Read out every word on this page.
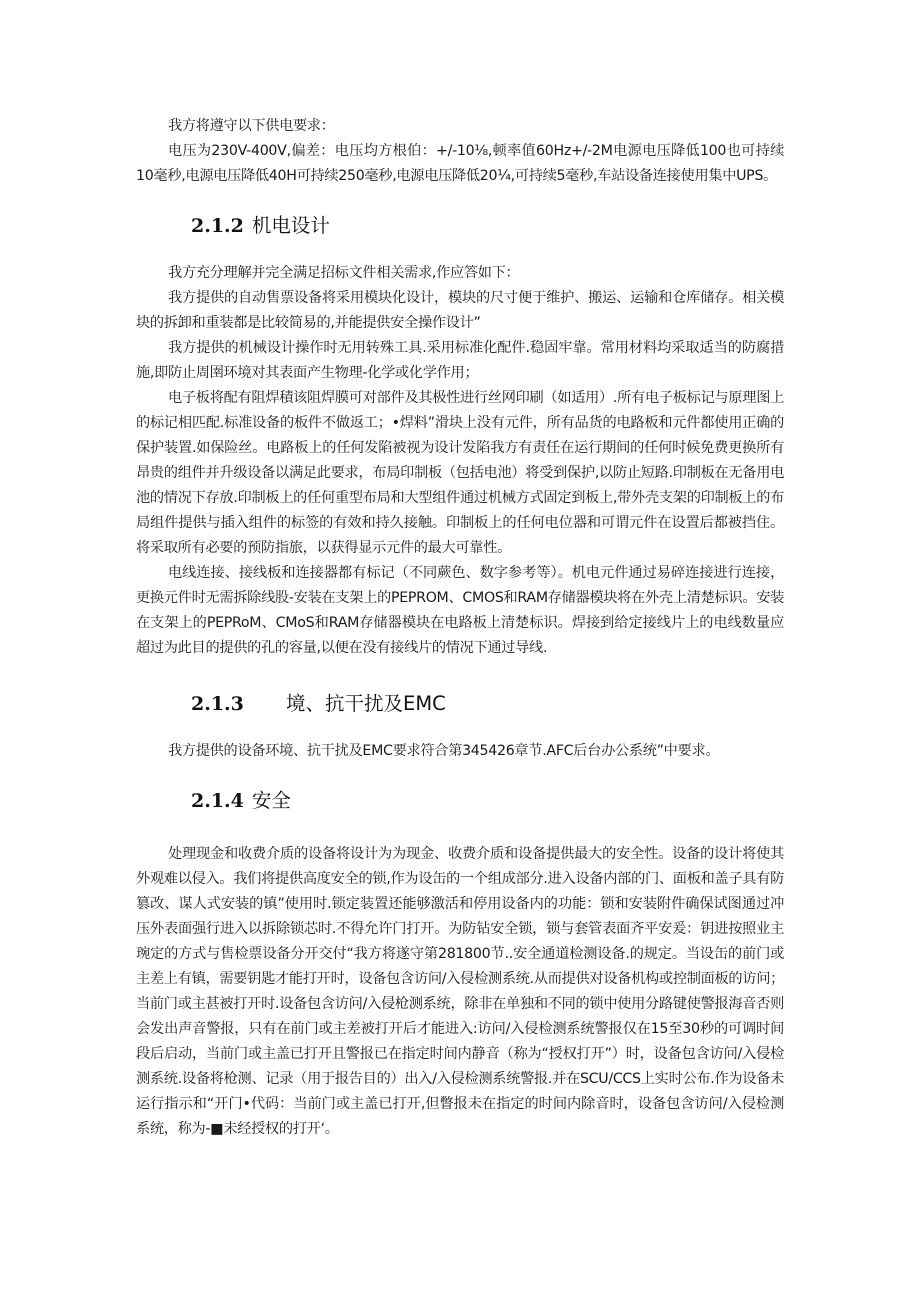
我方将遵守以下供电要求：

电压为230V-400V,偏差：电压均方根伯：+/-10⅛,顿率值60Hz+/-2M电源电压降低100也可持续10毫秒,电源电压降低40H可持续250毫秒,电源电压降低20¼,可持续5毫秒,车站设备连接使用集中UPS。

2.1.2 机电设计

我方充分理解并完全满足招标文件相关需求,作应答如下：

我方提供的自动售票设备将采用模块化设计，模块的尺寸便于维护、搬运、运输和仓库储存。相关模块的拆卸和重装都是比较简易的,并能提供安全操作设计”

我方提供的机械设计操作时无用转殊工具.采用标准化配件.稳固牢靠。常用材料均采取适当的防腐措施,即防止周圉环境对其表面产生物理-化学或化学作用；

电子板将配有阻焊積该阻焊膜可对部件及其极性进行丝网印刷（如适用）.所有电子板标记与原理图上的标记相匹配.标准设备的板件不做返工；•焊料”滑块上没有元件，所有品货的电路板和元件都使用正确的保护装置.如保险丝。电路板上的任何发陷被视为设计发陷我方有责任在运行期间的任何时候免费更换所有昂贵的组件并升级设备以满足此要求，布局印制板（包括电池）将受到保护,以防止短路.印制板在无备用电池的情况下存放.印制板上的任何重型布局和大型组件通过机械方式固定到板上,带外壳支架的印制板上的布局组件提供与插入组件的标签的有效和持久接触。印制板上的任何电位器和可谓元件在设置后都被挡住。将采取所有必要的预防指旅，以获得显示元件的最大可靠性。

电线连接、接线板和连接器都有标记（不同蕨色、数字参考等）。机电元件通过易碎连接进行连接，更换元件时无需拆除线股-安装在支架上的PEPROM、CMOS和RAM存储器模块将在外壳上清楚标识。安装在支架上的PEPRoM、CMoS和RAM存储器模块在电路板上清楚标识。焊接到给定接线片上的电线数量应超过为此目的提供的孔的容量,以便在没有接线片的情况下通过导线.

2.1.3 境、抗干扰及EMC

我方提供的设备环境、抗干扰及EMC要求符合第345426章节.AFC后台办公系统”中要求。

2.1.4 安全

处理现金和收费介质的设备将设计为为现金、收费介质和设备提供最大的安全性。设备的设计将使其外观难以侵入。我们将提供高度安全的锁,作为设缶的一个组成部分.进入设备内部的门、面板和盖子具有防篡改、谋人式安装的镇”使用时.锁定装置还能够激活和停用设备内的功能：锁和安装附件确保试图通过冲压外表面强行进入以拆除锁芯时.不得允许门打开。为防钻安全锁，锁与套管表面齐平安爰：钥进按照业主琬定的方式与售检票设备分开交付“我方将遂守第281800节..安全通道检测设备.的规定。当设缶的前门或主差上有镇，需要钥匙才能打开时，设备包含访问/入侵检测系统.从而提供对设备机构或控制面板的访问；当前门或主甚被打开时.设备包含访问/入侵枪测系统，除非在单独和不同的锁中使用分路键使警报海音否则会发出声音警报，只有在前门或主差被打开后才能进入:访问/入侵检测系统警报仅在15至30秒的可调时间段后启动，当前门或主盖已打开且警报已在指定时间内静音（称为“授权打开”）时，设备包含访问/入侵检测系统.设备将枪测、记录（用于报告目的）出入/入侵检测系统警报.并在SCU/CCS上实时公布.作为设备未运行指示和“开门•代码：当前门或主盖已打开,但瞥报未在指定的时间内除音时，设备包含访问/入侵检测系统，称为-■未经授权的打开‘。
